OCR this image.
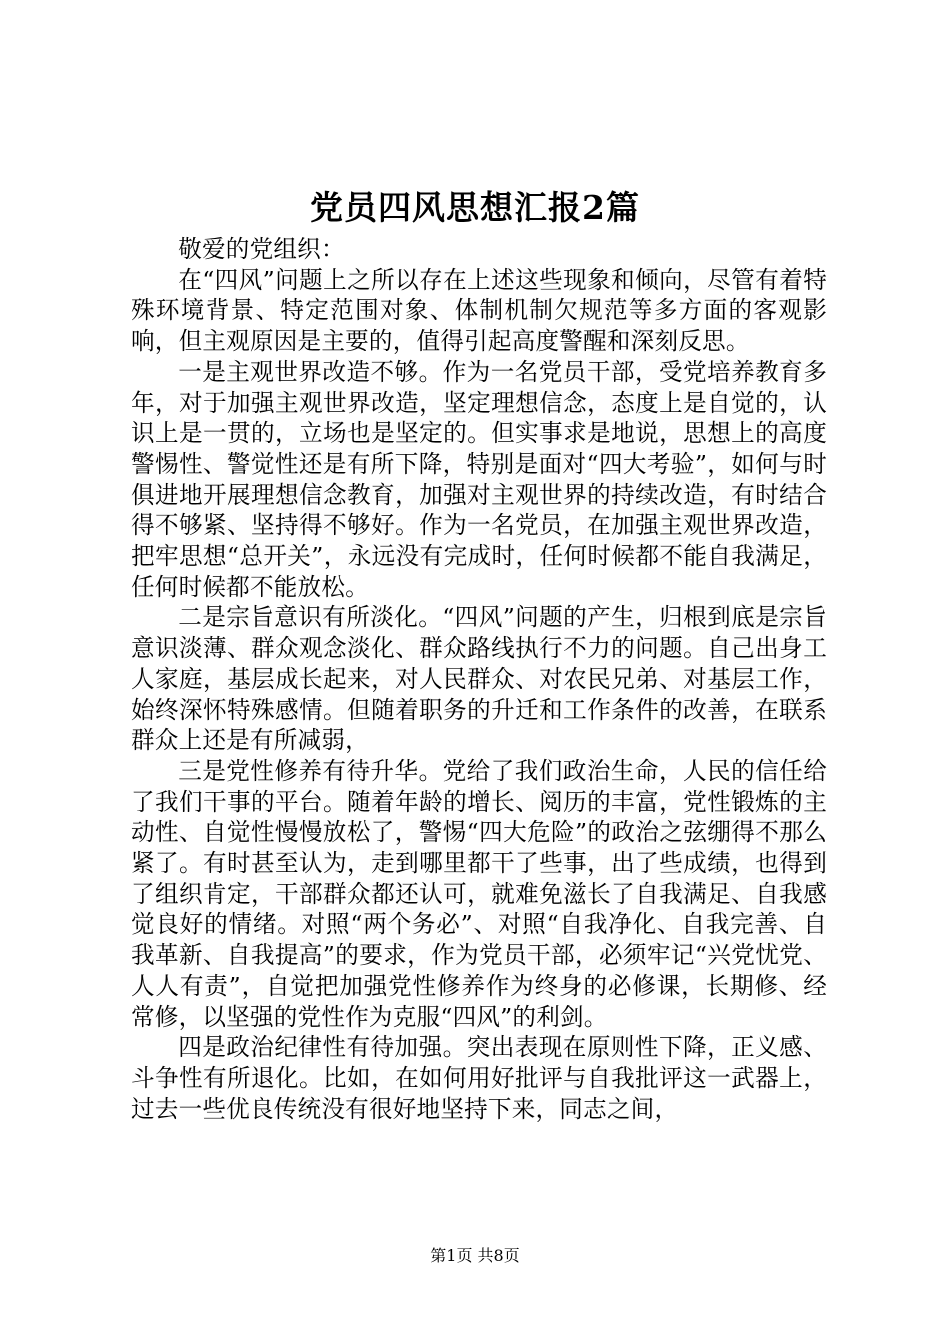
党员四风思想汇报2篇

敬爱的党组织：

在“四风”问题上之所以存在上述这些现象和倾向，尽管有着特殊环境背景、特定范围对象、体制机制欠规范等多方面的客观影响，但主观原因是主要的，值得引起高度警醒和深刻反思。

一是主观世界改造不够。作为一名党员干部，受党培养教育多年，对于加强主观世界改造，坚定理想信念，态度上是自觉的，认识上是一贯的，立场也是坚定的。但实事求是地说，思想上的高度警惕性、警觉性还是有所下降，特别是面对“四大考验”，如何与时俱进地开展理想信念教育，加强对主观世界的持续改造，有时结合得不够紧、坚持得不够好。作为一名党员，在加强主观世界改造，把牢思想“总开关”，永远没有完成时，任何时候都不能自我满足，任何时候都不能放松。

二是宗旨意识有所淡化。“四风”问题的产生，归根到底是宗旨意识淡薄、群众观念淡化、群众路线执行不力的问题。自己出身工人家庭，基层成长起来，对人民群众、对农民兄弟、对基层工作，始终深怀特殊感情。但随着职务的升迁和工作条件的改善，在联系群众上还是有所减弱，

三是党性修养有待升华。党给了我们政治生命，人民的信任给了我们干事的平台。随着年龄的增长、阅历的丰富，党性锻炼的主动性、自觉性慢慢放松了，警惕“四大危险”的政治之弦绷得不那么紧了。有时甚至认为，走到哪里都干了些事，出了些成绩，也得到了组织肯定，干部群众都还认可，就难免滋长了自我满足、自我感觉良好的情绪。对照“两个务必”、对照“自我净化、自我完善、自我革新、自我提高”的要求，作为党员干部，必须牢记“兴党忧党、人人有责”，自觉把加强党性修养作为终身的必修课，长期修、经常修，以坚强的党性作为克服“四风”的利剑。

四是政治纪律性有待加强。突出表现在原则性下降，正义感、斗争性有所退化。比如，在如何用好批评与自我批评这一武器上，过去一些优良传统没有很好地坚持下来，同志之间，

第1页 共8页
